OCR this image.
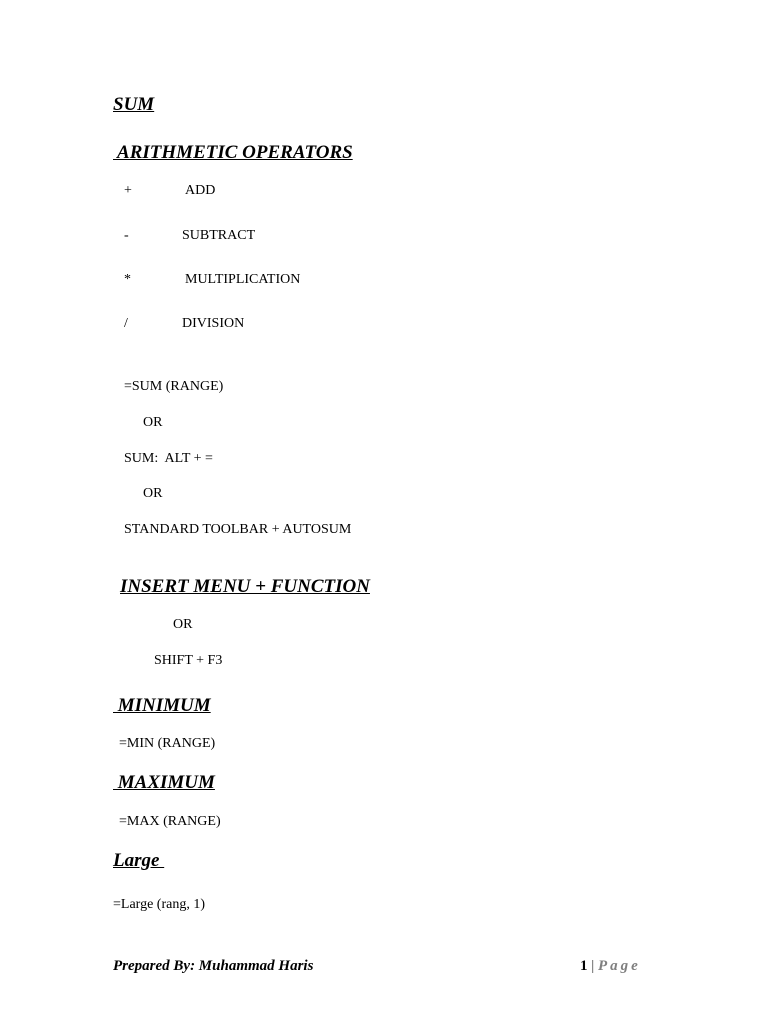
SUM
ARITHMETIC OPERATORS
+	ADD
-	SUBTRACT
*	MULTIPLICATION
/	DIVISION
=SUM (RANGE)
OR
SUM:  ALT + =
OR
STANDARD TOOLBAR + AUTOSUM
INSERT MENU + FUNCTION
OR
SHIFT + F3
MINIMUM
=MIN (RANGE)
MAXIMUM
=MAX (RANGE)
Large
=Large (rang, 1)
Prepared By: Muhammad Haris	1 | Page
